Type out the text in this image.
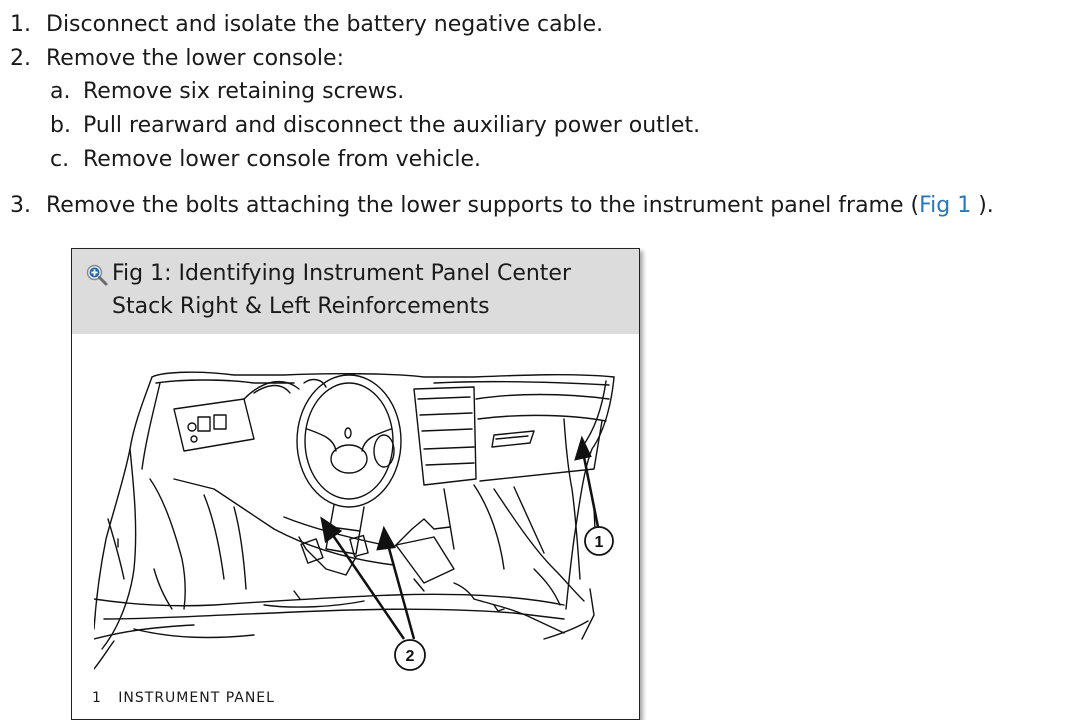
1. Disconnect and isolate the battery negative cable.
2. Remove the lower console:
a. Remove six retaining screws.
b. Pull rearward and disconnect the auxiliary power outlet.
c. Remove lower console from vehicle.
3. Remove the bolts attaching the lower supports to the instrument panel frame (Fig 1 ).
Fig 1: Identifying Instrument Panel Center Stack Right & Left Reinforcements
1
2
1 INSTRUMENT PANEL
